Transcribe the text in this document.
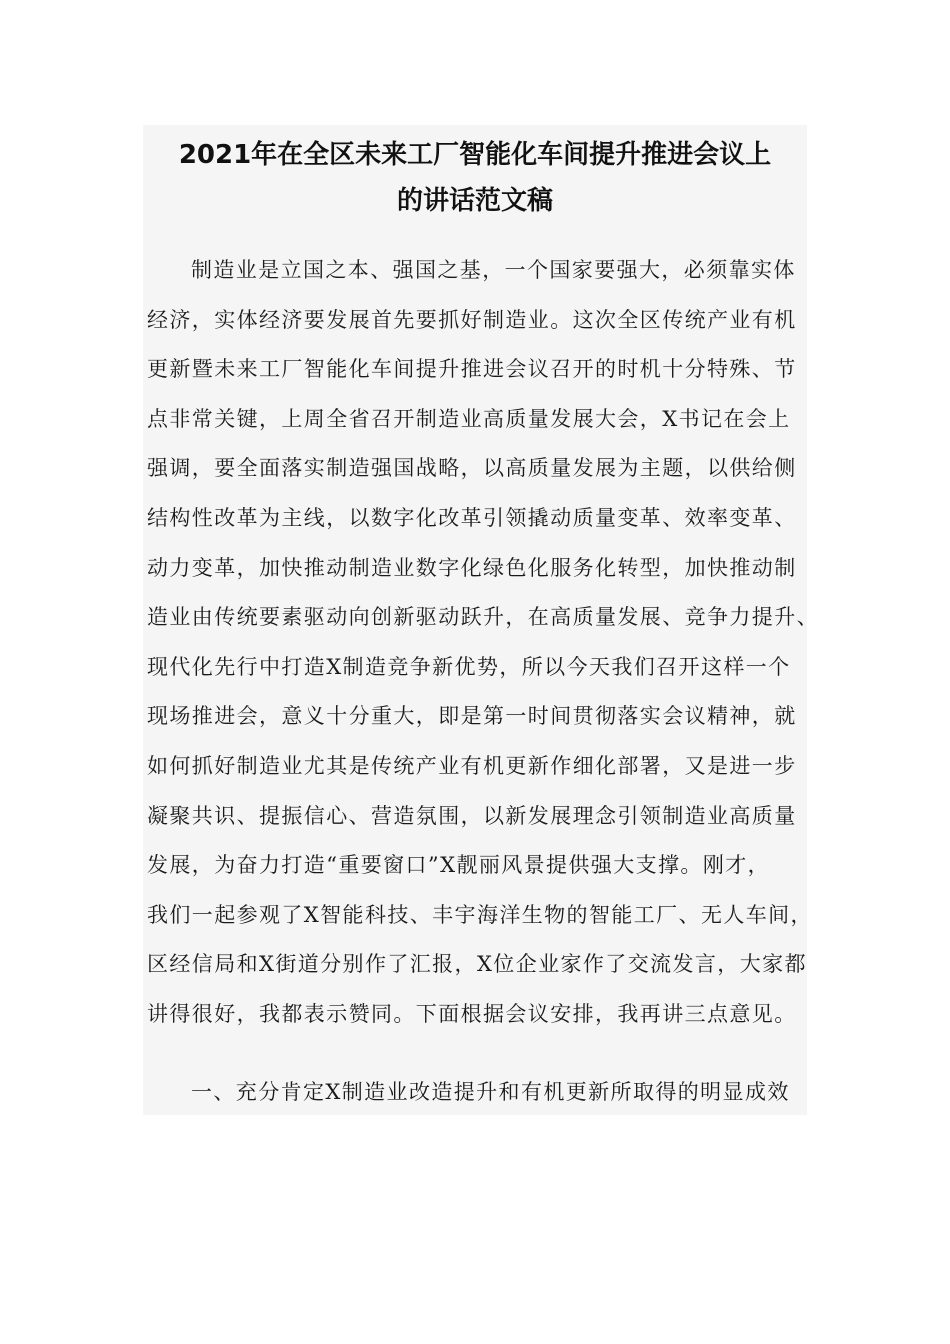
2021年在全区未来工厂智能化车间提升推进会议上
的讲话范文稿
制造业是立国之本、强国之基，一个国家要强大，必须靠实体
经济，实体经济要发展首先要抓好制造业。这次全区传统产业有机
更新暨未来工厂智能化车间提升推进会议召开的时机十分特殊、节
点非常关键，上周全省召开制造业高质量发展大会，X书记在会上
强调，要全面落实制造强国战略，以高质量发展为主题，以供给侧
结构性改革为主线，以数字化改革引领撬动质量变革、效率变革、
动力变革，加快推动制造业数字化绿色化服务化转型，加快推动制
造业由传统要素驱动向创新驱动跃升，在高质量发展、竞争力提升、
现代化先行中打造X制造竞争新优势，所以今天我们召开这样一个
现场推进会，意义十分重大，即是第一时间贯彻落实会议精神，就
如何抓好制造业尤其是传统产业有机更新作细化部署，又是进一步
凝聚共识、提振信心、营造氛围，以新发展理念引领制造业高质量
发展，为奋力打造“重要窗口”X靓丽风景提供强大支撑。刚才，
我们一起参观了X智能科技、丰宇海洋生物的智能工厂、无人车间，
区经信局和X街道分别作了汇报，X位企业家作了交流发言，大家都
讲得很好，我都表示赞同。下面根据会议安排，我再讲三点意见。
一、充分肯定X制造业改造提升和有机更新所取得的明显成效
